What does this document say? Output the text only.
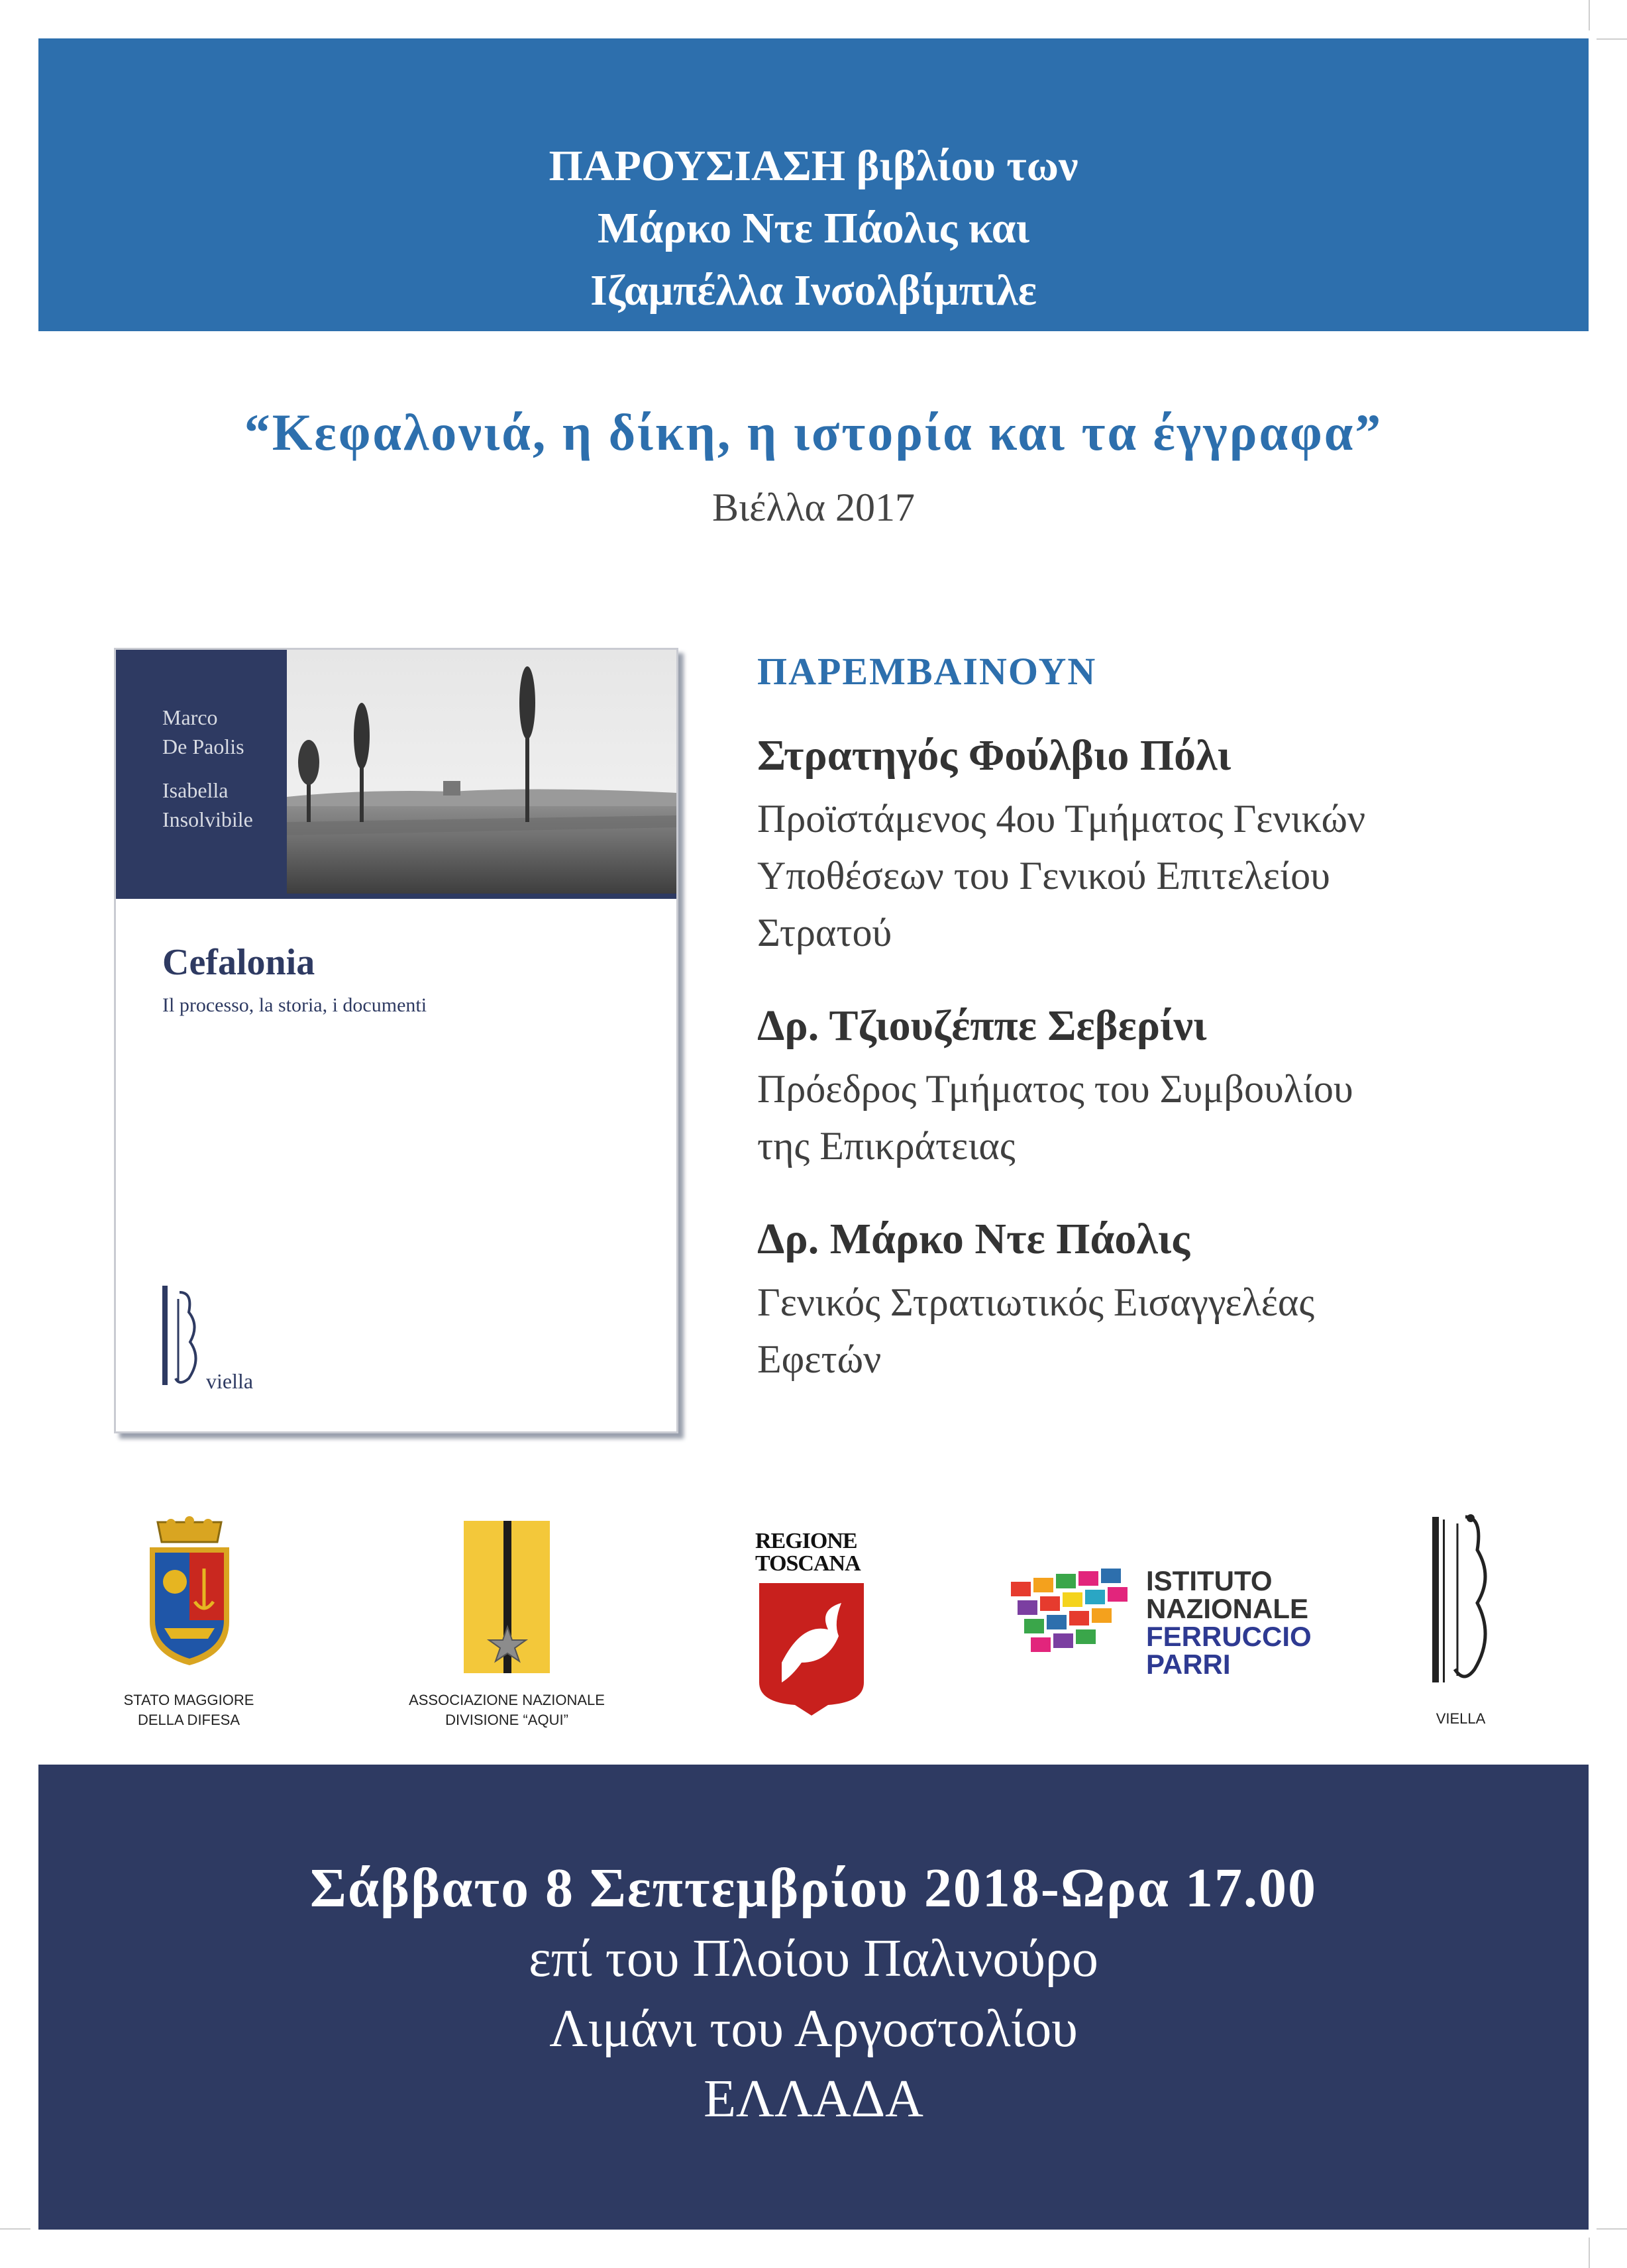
ΠΑΡΟΥΣΙΑΣΗ βιβλίου των
Μάρκο Ντε Πάολις και
Ιζαμπέλλα Ινσολβίμπιλε
“Κεφαλονιά, η δίκη, η ιστορία και τα έγγραφα”
Βιέλλα 2017
Marco
De Paolis
Isabella
Insolvibile
Cefalonia
Il processo, la storia, i documenti
viella
ΠΑΡΕΜΒΑΙΝΟΥΝ
Στρατηγός Φούλβιο Πόλι
Προϊστάμενος 4ου Τμήματος Γενικών
Υποθέσεων του Γενικού Επιτελείου
Στρατού
Δρ. Τζιουζέππε Σεβερίνι
Πρόεδρος Τμήματος του Συμβουλίου
της Επικράτειας
Δρ. Μάρκο Ντε Πάολις
Γενικός Στρατιωτικός Εισαγγελέας
Εφετών
STATO MAGGIORE
DELLA DIFESA
ASSOCIAZIONE NAZIONALE
DIVISIONE “AQUI”
REGIONE
TOSCANA
ISTITUTO
NAZIONALE
FERRUCCIO
PARRI
VIELLA
Σάββατο 8 Σεπτεμβρίου 2018-Ωρα 17.00
επί του Πλοίου Παλινούρο
Λιμάνι του Αργοστολίου
ΕΛΛΑΔΑ
